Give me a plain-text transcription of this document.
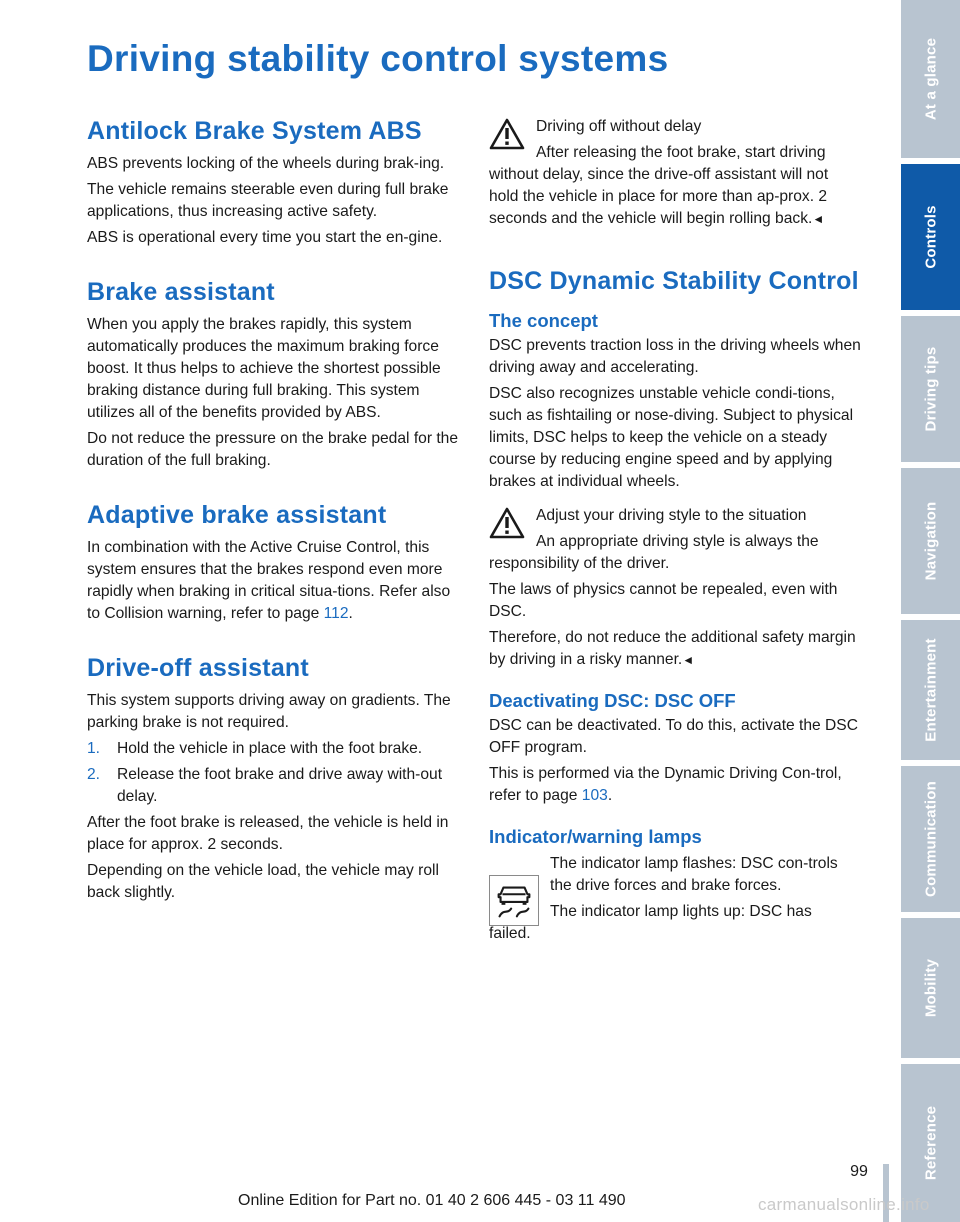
Driving stability control systems
Antilock Brake System ABS

ABS prevents locking of the wheels during brak-ing.

The vehicle remains steerable even during full brake applications, thus increasing active safety.

ABS is operational every time you start the en-gine.

Brake assistant

When you apply the brakes rapidly, this system automatically produces the maximum braking force boost. It thus helps to achieve the shortest possible braking distance during full braking. This system utilizes all of the benefits provided by ABS.

Do not reduce the pressure on the brake pedal for the duration of the full braking.

Adaptive brake assistant

In combination with the Active Cruise Control, this system ensures that the brakes respond even more rapidly when braking in critical situa-tions. Refer also to Collision warning, refer to page 112.

Drive-off assistant

This system supports driving away on gradients. The parking brake is not required.

1. Hold the vehicle in place with the foot brake.
2. Release the foot brake and drive away with-out delay.

After the foot brake is released, the vehicle is held in place for approx. 2 seconds.

Depending on the vehicle load, the vehicle may roll back slightly.

Driving off without delay

After releasing the foot brake, start driving

without delay, since the drive-off assistant will not hold the vehicle in place for more than ap-prox. 2 seconds and the vehicle will begin rolling back.◄

DSC Dynamic Stability Control
The concept

DSC prevents traction loss in the driving wheels when driving away and accelerating.

DSC also recognizes unstable vehicle condi-tions, such as fishtailing or nose-diving. Subject to physical limits, DSC helps to keep the vehicle on a steady course by reducing engine speed and by applying brakes at individual wheels.

Adjust your driving style to the situation

An appropriate driving style is always the

responsibility of the driver.

The laws of physics cannot be repealed, even with DSC.

Therefore, do not reduce the additional safety margin by driving in a risky manner.◄

Deactivating DSC: DSC OFF

DSC can be deactivated. To do this, activate the DSC OFF program.

This is performed via the Dynamic Driving Con-trol, refer to page 103.

Indicator/warning lamps

The indicator lamp flashes: DSC con-trols the drive forces and brake forces.

The indicator lamp lights up: DSC has

failed.

At a glance
Controls
Driving tips
Navigation
Entertainment
Communication
Mobility
Reference
99
Online Edition for Part no. 01 40 2 606 445 - 03 11 490	carmanualsonline.info
